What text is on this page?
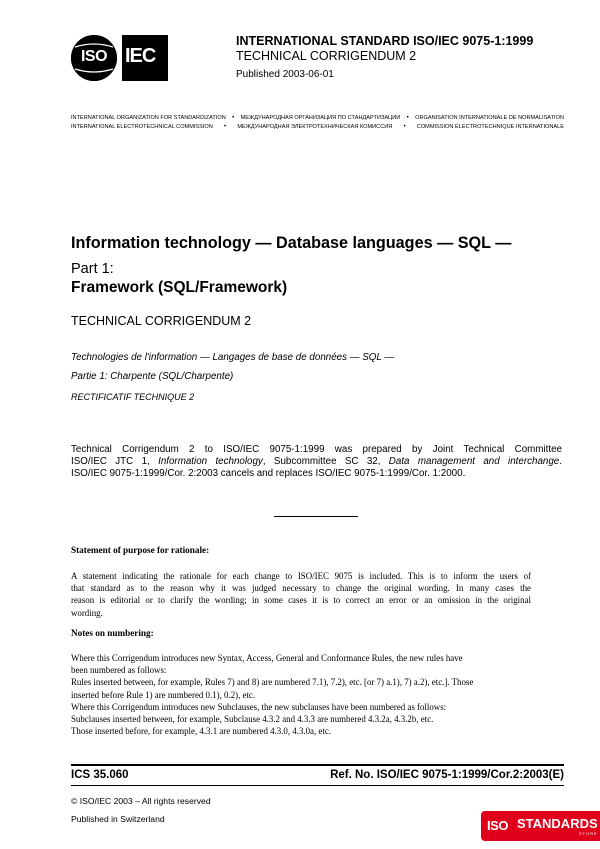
ISO IEC
INTERNATIONAL STANDARD ISO/IEC 9075-1:1999
TECHNICAL CORRIGENDUM 2
Published 2003-06-01
INTERNATIONAL ORGANIZATION FOR STANDARDIZATION • МЕЖДУНАРОДНАЯ ОРГАНИЗАЦИЯ ПО СТАНДАРТИЗАЦИИ • ORGANISATION INTERNATIONALE DE NORMALISATION
INTERNATIONAL ELECTROTECHNICAL COMMISSION • МЕЖДУНАРОДНАЯ ЭЛЕКТРОТЕХНИЧЕСКАЯ КОМИССИЯ • COMMISSION ÉLECTROTECHNIQUE INTERNATIONALE
Information technology — Database languages — SQL —
Part 1:
Framework (SQL/Framework)
TECHNICAL CORRIGENDUM 2
Technologies de l'information — Langages de base de données — SQL —
Partie 1: Charpente (SQL/Charpente)
RECTIFICATIF TECHNIQUE 2
Technical Corrigendum 2 to ISO/IEC 9075-1:1999 was prepared by Joint Technical Committee
ISO/IEC JTC 1, Information technology, Subcommittee SC 32, Data management and interchange.
ISO/IEC 9075-1:1999/Cor. 2:2003 cancels and replaces ISO/IEC 9075-1:1999/Cor. 1:2000.
Statement of purpose for rationale:
A statement indicating the rationale for each change to ISO/IEC 9075 is included. This is to inform the users of
that standard as to the reason why it was judged necessary to change the original wording. In many cases the
reason is editorial or to clarify the wording; in some cases it is to correct an error or an omission in the original
wording.
Notes on numbering:
Where this Corrigendum introduces new Syntax, Access, General and Conformance Rules, the new rules have
been numbered as follows:
Rules inserted between, for example, Rules 7) and 8) are numbered 7.1), 7.2), etc. [or 7) a.1), 7) a.2), etc.]. Those
inserted before Rule 1) are numbered 0.1), 0.2), etc.
Where this Corrigendum introduces new Subclauses, the new subclauses have been numbered as follows:
Subclauses inserted between, for example, Subclause 4.3.2 and 4.3.3 are numbered 4.3.2a, 4.3.2b, etc.
Those inserted before, for example, 4.3.1 are numbered 4.3.0, 4.3.0a, etc.
ICS 35.060	Ref. No. ISO/IEC 9075-1:1999/Cor.2:2003(E)
© ISO/IEC 2003 – All rights reserved
Published in Switzerland	ISO STANDARDS
STORE
